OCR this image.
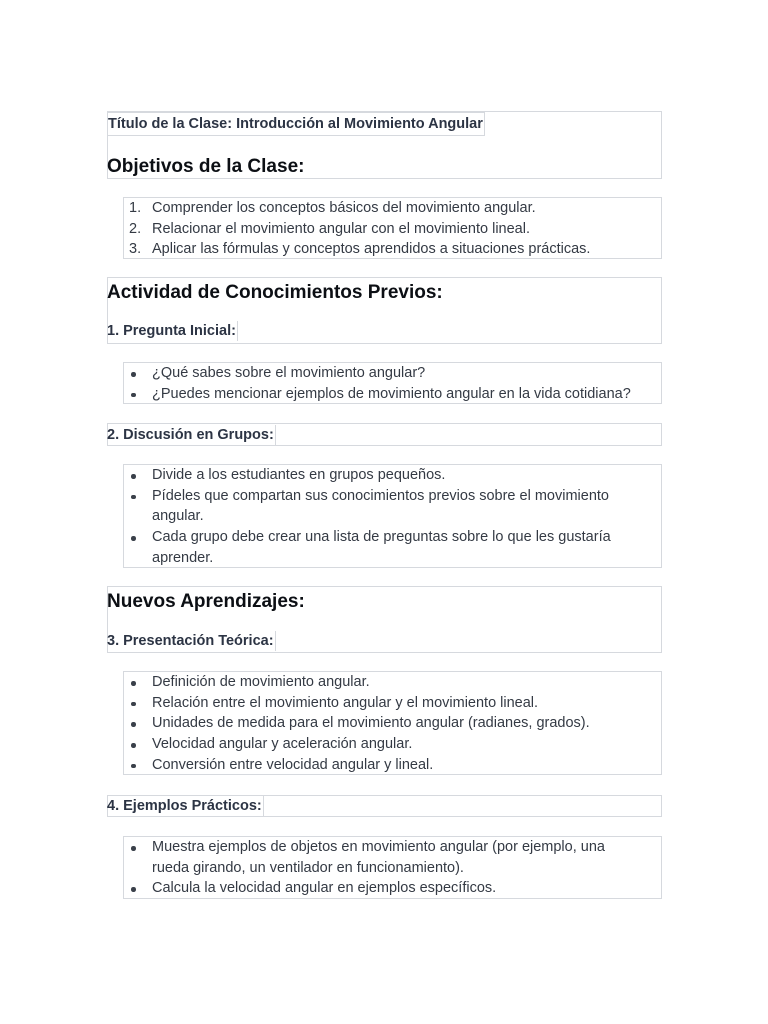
Título de la Clase: Introducción al Movimiento Angular
Objetivos de la Clase:
1. Comprender los conceptos básicos del movimiento angular.
2. Relacionar el movimiento angular con el movimiento lineal.
3. Aplicar las fórmulas y conceptos aprendidos a situaciones prácticas.
Actividad de Conocimientos Previos:
1. Pregunta Inicial:
¿Qué sabes sobre el movimiento angular?
¿Puedes mencionar ejemplos de movimiento angular en la vida cotidiana?
2. Discusión en Grupos:
Divide a los estudiantes en grupos pequeños.
Pídeles que compartan sus conocimientos previos sobre el movimiento angular.
Cada grupo debe crear una lista de preguntas sobre lo que les gustaría aprender.
Nuevos Aprendizajes:
3. Presentación Teórica:
Definición de movimiento angular.
Relación entre el movimiento angular y el movimiento lineal.
Unidades de medida para el movimiento angular (radianes, grados).
Velocidad angular y aceleración angular.
Conversión entre velocidad angular y lineal.
4. Ejemplos Prácticos:
Muestra ejemplos de objetos en movimiento angular (por ejemplo, una rueda girando, un ventilador en funcionamiento).
Calcula la velocidad angular en ejemplos específicos.
